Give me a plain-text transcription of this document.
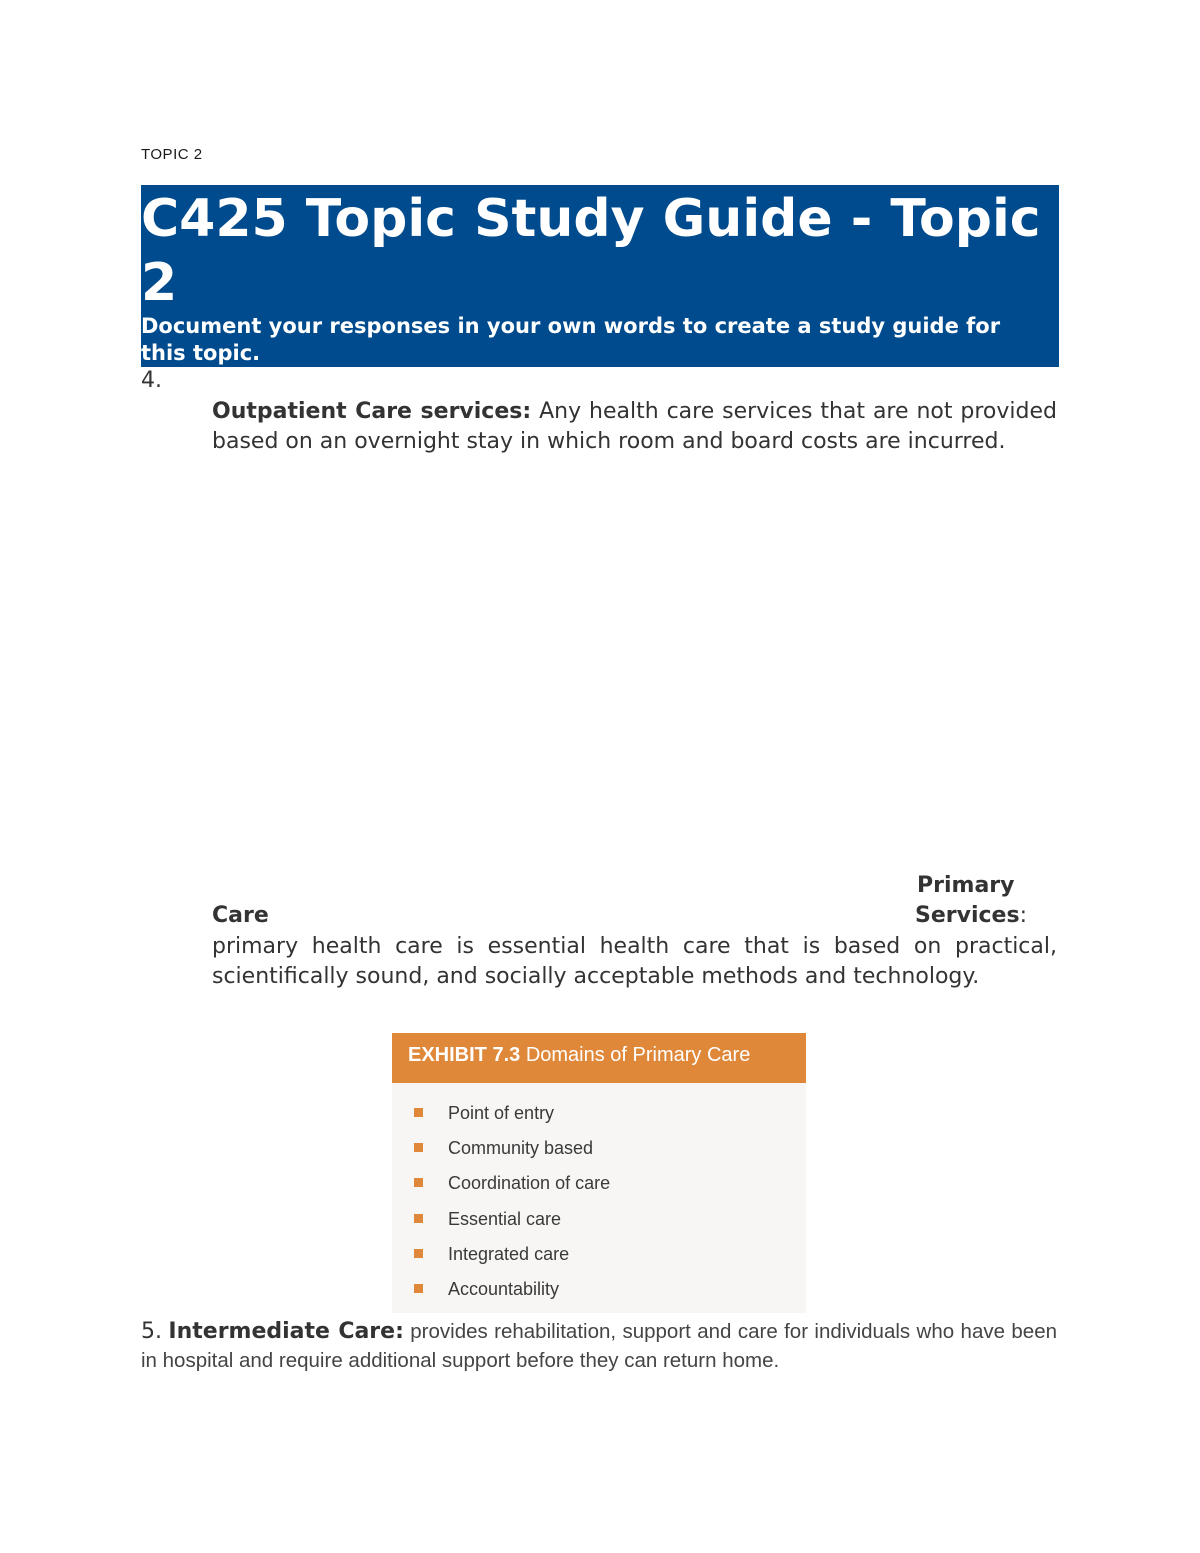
TOPIC 2
C425 Topic Study Guide - Topic 2

Document your responses in your own words to create a study guide for this topic.

4.

Outpatient Care services: Any health care services that are not provided based on an overnight stay in which room and board costs are incurred.

Primary
Care	Services:

primary health care is essential health care that is based on practical, scientifically sound, and socially acceptable methods and technology.

EXHIBIT 7.3 Domains of Primary Care
Point of entry
Community based
Coordination of care
Essential care
Integrated care
Accountability

5. Intermediate Care: provides rehabilitation, support and care for individuals who have been in hospital and require additional support before they can return home.
